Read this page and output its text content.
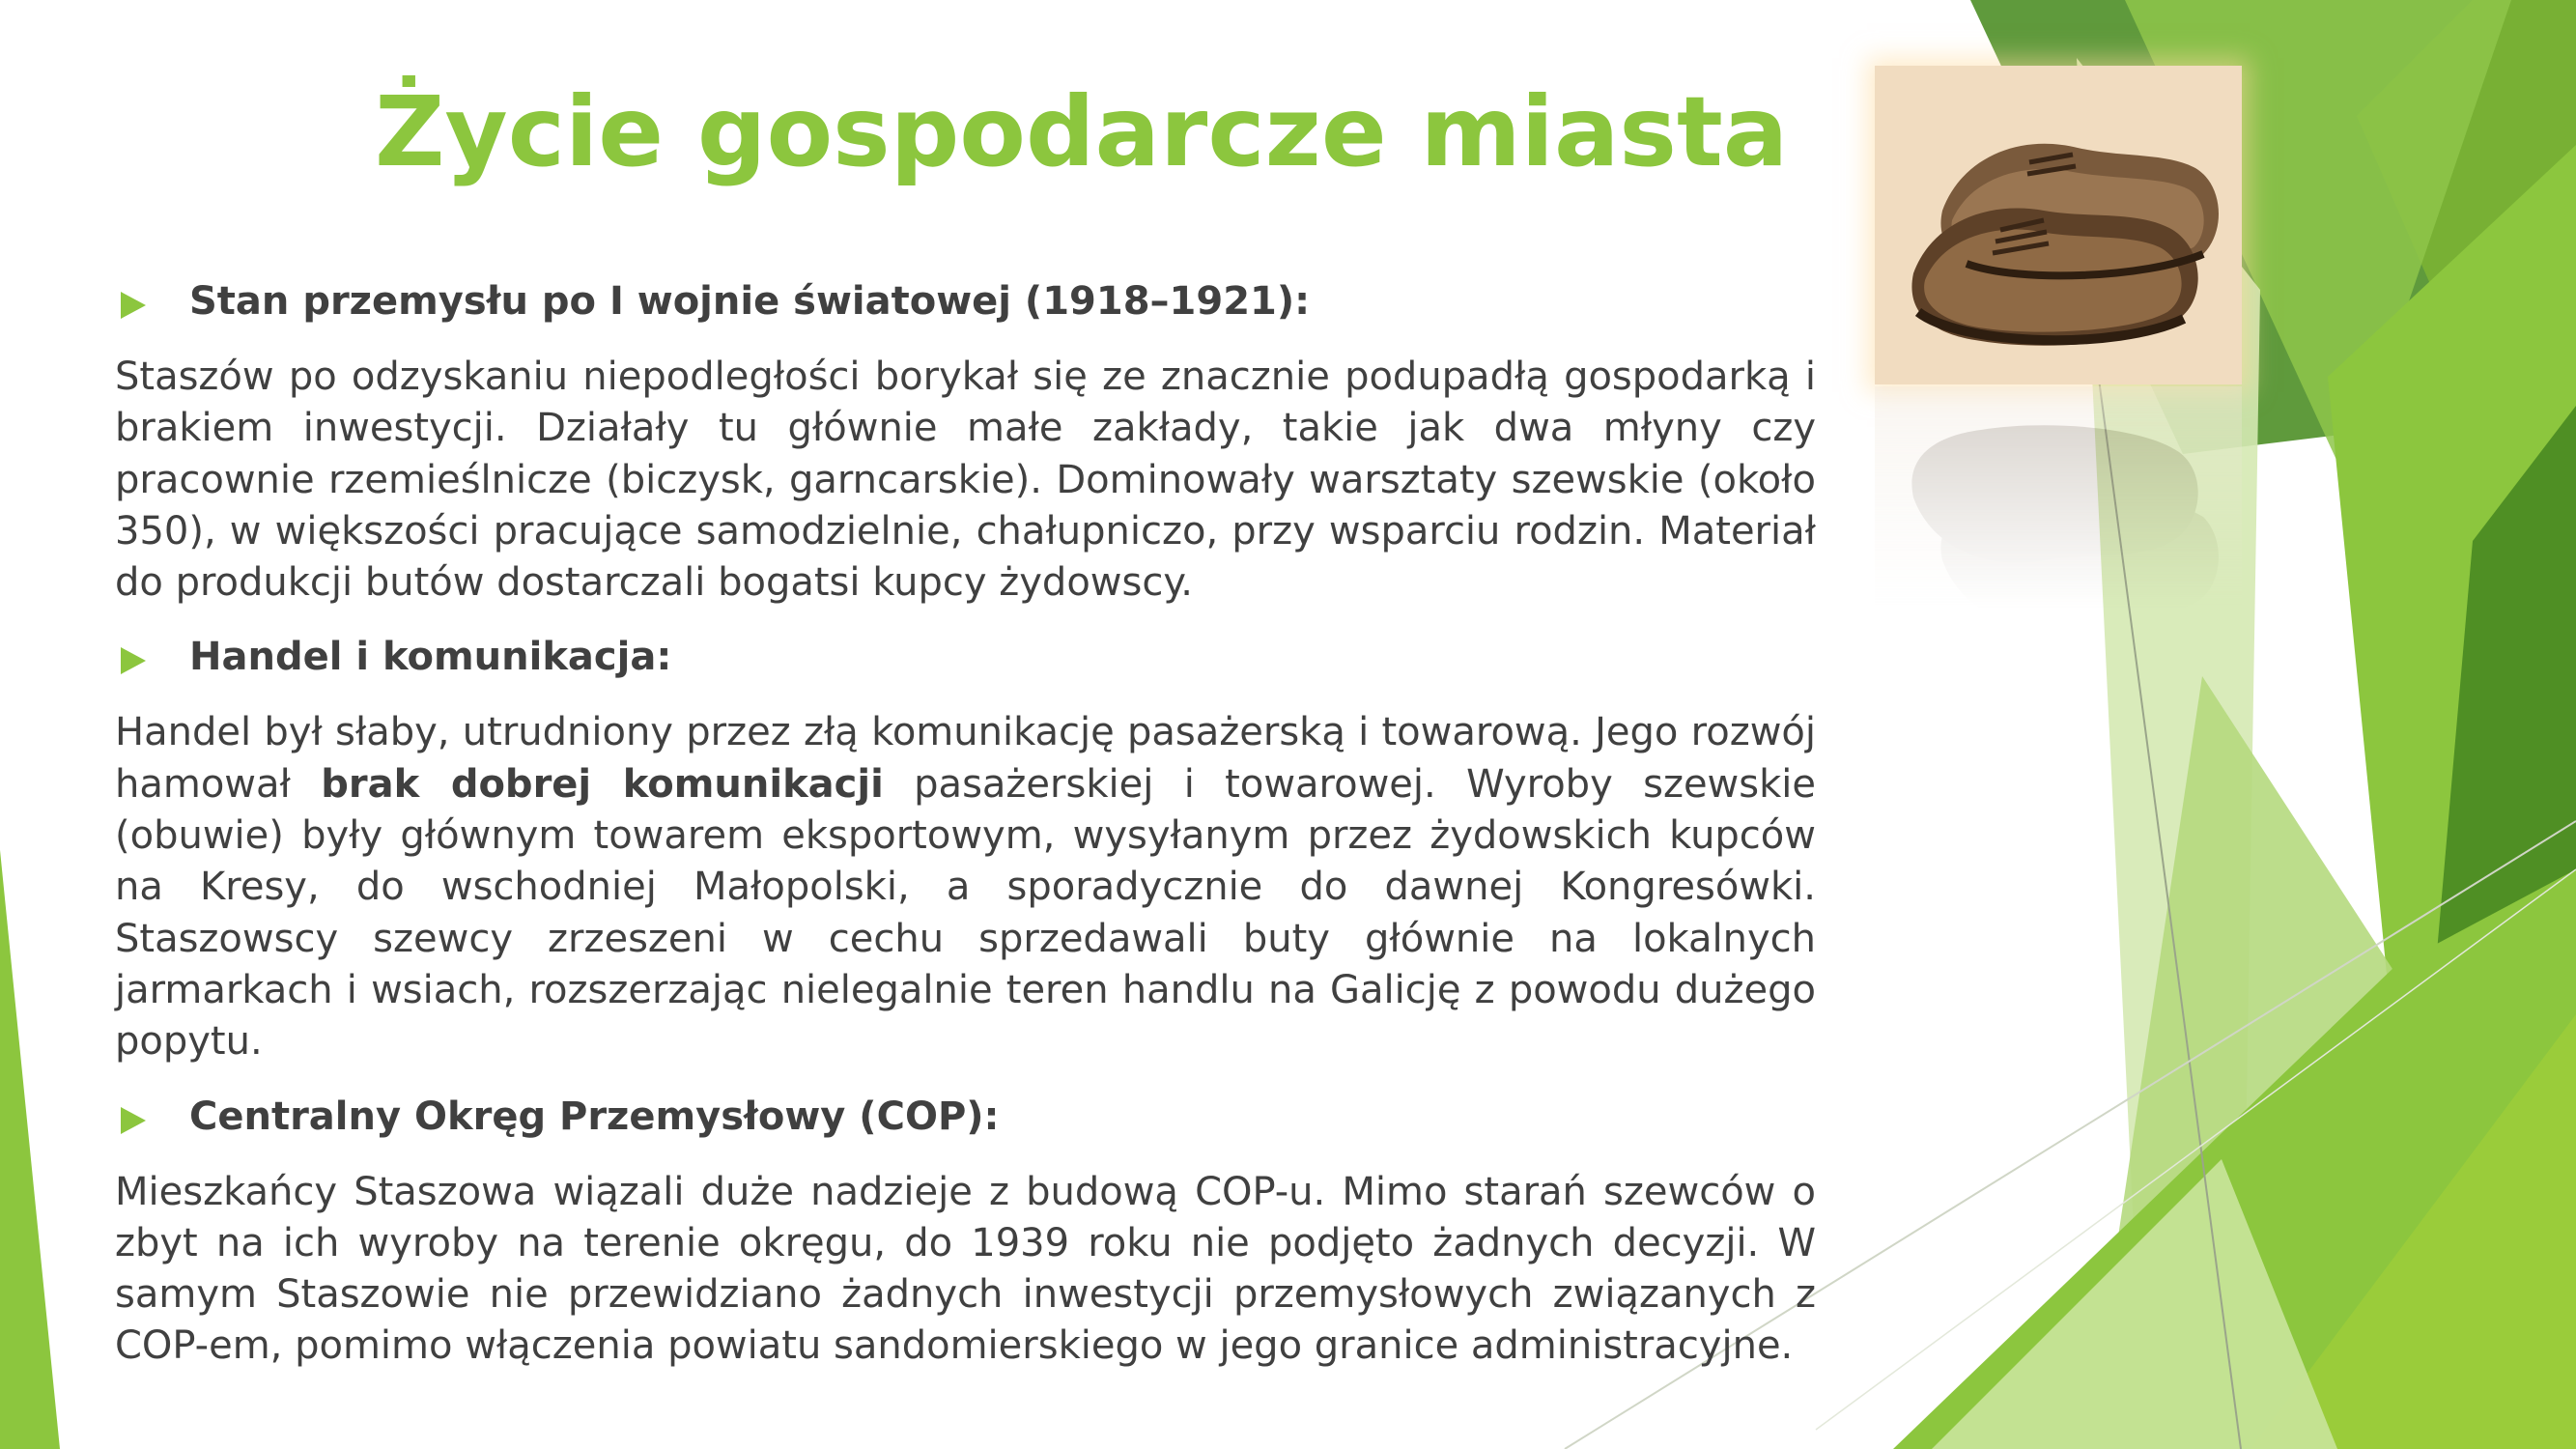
Życie gospodarcze miasta
Stan przemysłu po I wojnie światowej (1918–1921):

Staszów po odzyskaniu niepodległości borykał się ze znacznie podupadłą gospodarką i brakiem inwestycji. Działały tu głównie małe zakłady, takie jak dwa młyny czy pracownie rzemieślnicze (biczysk, garncarskie). Dominowały warsztaty szewskie (około 350), w większości pracujące samodzielnie, chałupniczo, przy wsparciu rodzin. Materiał do produkcji butów dostarczali bogatsi kupcy żydowscy.

Handel i komunikacja:

Handel był słaby, utrudniony przez złą komunikację pasażerską i towarową. Jego rozwój hamował brak dobrej komunikacji pasażerskiej i towarowej. Wyroby szewskie (obuwie) były głównym towarem eksportowym, wysyłanym przez żydowskich kupców na Kresy, do wschodniej Małopolski, a sporadycznie do dawnej Kongresówki. Staszowscy szewcy zrzeszeni w cechu sprzedawali buty głównie na lokalnych jarmarkach i wsiach, rozszerzając nielegalnie teren handlu na Galicję z powodu dużego popytu.

Centralny Okręg Przemysłowy (COP):

Mieszkańcy Staszowa wiązali duże nadzieje z budową COP-u. Mimo starań szewców o zbyt na ich wyroby na terenie okręgu, do 1939 roku nie podjęto żadnych decyzji. W samym Staszowie nie przewidziano żadnych inwestycji przemysłowych związanych z COP-em, pomimo włączenia powiatu sandomierskiego w jego granice administracyjne.
